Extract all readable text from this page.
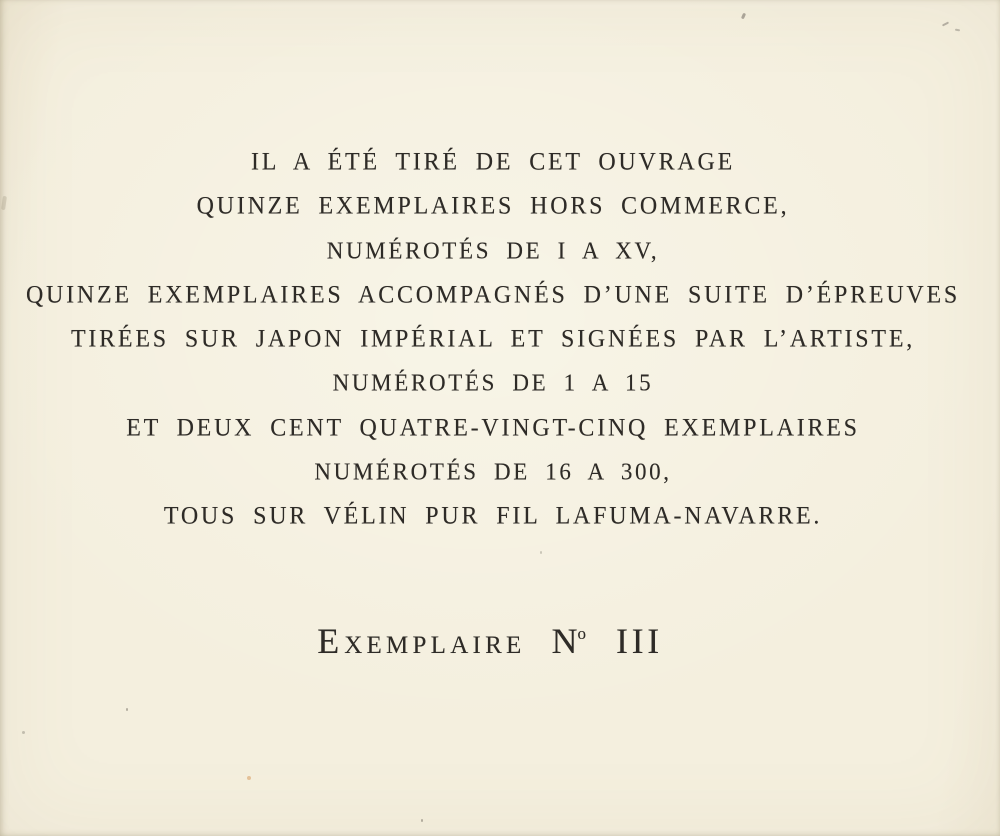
IL A ÉTÉ TIRÉ DE CET OUVRAGE
QUINZE EXEMPLAIRES HORS COMMERCE,
NUMÉROTÉS DE I A XV,
QUINZE EXEMPLAIRES ACCOMPAGNÉS D’UNE SUITE D’ÉPREUVES
TIRÉES SUR JAPON IMPÉRIAL ET SIGNÉES PAR L’ARTISTE,
NUMÉROTÉS DE 1 A 15
ET DEUX CENT QUATRE-VINGT-CINQ EXEMPLAIRES
NUMÉROTÉS DE 16 A 300,
TOUS SUR VÉLIN PUR FIL LAFUMA-NAVARRE.
EXEMPLAIRE No III
